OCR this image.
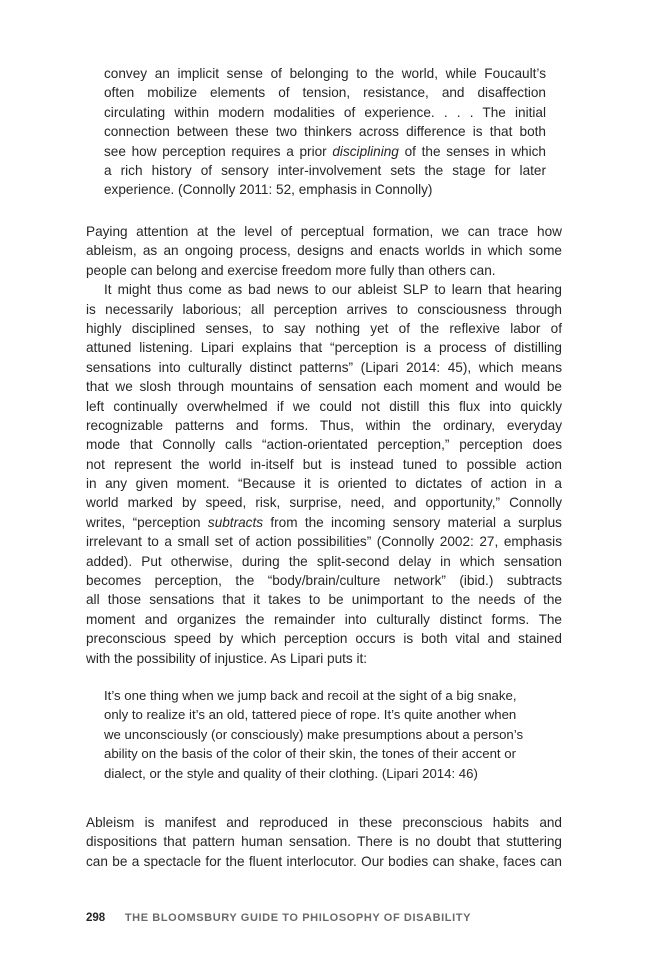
convey an implicit sense of belonging to the world, while Foucault’s
often mobilize elements of tension, resistance, and disaffection
circulating within modern modalities of experience. . . . The initial
connection between these two thinkers across difference is that both
see how perception requires a prior disciplining of the senses in which
a rich history of sensory inter-involvement sets the stage for later
experience. (Connolly 2011: 52, emphasis in Connolly)
Paying attention at the level of perceptual formation, we can trace how
ableism, as an ongoing process, designs and enacts worlds in which some
people can belong and exercise freedom more fully than others can.
It might thus come as bad news to our ableist SLP to learn that hearing
is necessarily laborious; all perception arrives to consciousness through
highly disciplined senses, to say nothing yet of the reflexive labor of
attuned listening. Lipari explains that “perception is a process of distilling
sensations into culturally distinct patterns” (Lipari 2014: 45), which means
that we slosh through mountains of sensation each moment and would be
left continually overwhelmed if we could not distill this flux into quickly
recognizable patterns and forms. Thus, within the ordinary, everyday
mode that Connolly calls “action-orientated perception,” perception does
not represent the world in-itself but is instead tuned to possible action
in any given moment. “Because it is oriented to dictates of action in a
world marked by speed, risk, surprise, need, and opportunity,” Connolly
writes, “perception subtracts from the incoming sensory material a surplus
irrelevant to a small set of action possibilities” (Connolly 2002: 27, emphasis
added). Put otherwise, during the split-second delay in which sensation
becomes perception, the “body/brain/culture network” (ibid.) subtracts
all those sensations that it takes to be unimportant to the needs of the
moment and organizes the remainder into culturally distinct forms. The
preconscious speed by which perception occurs is both vital and stained
with the possibility of injustice. As Lipari puts it:
It’s one thing when we jump back and recoil at the sight of a big snake,
only to realize it’s an old, tattered piece of rope. It’s quite another when
we unconsciously (or consciously) make presumptions about a person’s
ability on the basis of the color of their skin, the tones of their accent or
dialect, or the style and quality of their clothing. (Lipari 2014: 46)
Ableism is manifest and reproduced in these preconscious habits and
dispositions that pattern human sensation. There is no doubt that stuttering
can be a spectacle for the fluent interlocutor. Our bodies can shake, faces can
298 THE BLOOMSBURY GUIDE TO PHILOSOPHY OF DISABILITY
